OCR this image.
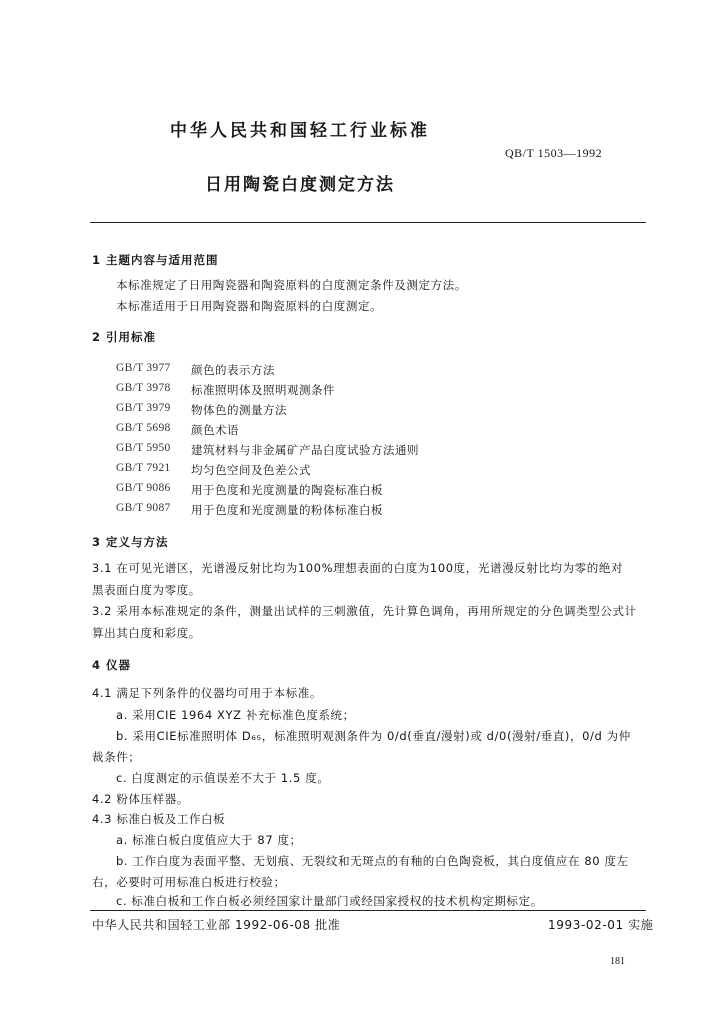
中华人民共和国轻工行业标准
QB/T 1503—1992
日用陶瓷白度测定方法
1 主题内容与适用范围
本标准规定了日用陶瓷器和陶瓷原料的白度测定条件及测定方法。
本标准适用于日用陶瓷器和陶瓷原料的白度测定。
2 引用标准
GB/T 3977 颜色的表示方法
GB/T 3978 标准照明体及照明观测条件
GB/T 3979 物体色的测量方法
GB/T 5698 颜色术语
GB/T 5950 建筑材料与非金属矿产品白度试验方法通则
GB/T 7921 均匀色空间及色差公式
GB/T 9086 用于色度和光度测量的陶瓷标准白板
GB/T 9087 用于色度和光度测量的粉体标准白板
3 定义与方法
3.1 在可见光谱区，光谱漫反射比均为100%理想表面的白度为100度，光谱漫反射比均为零的绝对
黑表面白度为零度。
3.2 采用本标准规定的条件，测量出试样的三刺激值，先计算色调角，再用所规定的分色调类型公式计
算出其白度和彩度。
4 仪器
4.1 满足下列条件的仪器均可用于本标准。
a. 采用CIE 1964 XYZ 补充标准色度系统；
b. 采用CIE标准照明体 D₆₅，标准照明观测条件为 0/d(垂直/漫射)或 d/0(漫射/垂直)，0/d 为仲
裁条件；
c. 白度测定的示值误差不大于 1.5 度。
4.2 粉体压样器。
4.3 标准白板及工作白板
a. 标准白板白度值应大于 87 度；
b. 工作白度为表面平整、无划痕、无裂纹和无斑点的有釉的白色陶瓷板，其白度值应在 80 度左
右，必要时可用标准白板进行校验；
c. 标准白板和工作白板必须经国家计量部门或经国家授权的技术机构定期标定。
中华人民共和国轻工业部 1992-06-08 批准	1993-02-01 实施
181
